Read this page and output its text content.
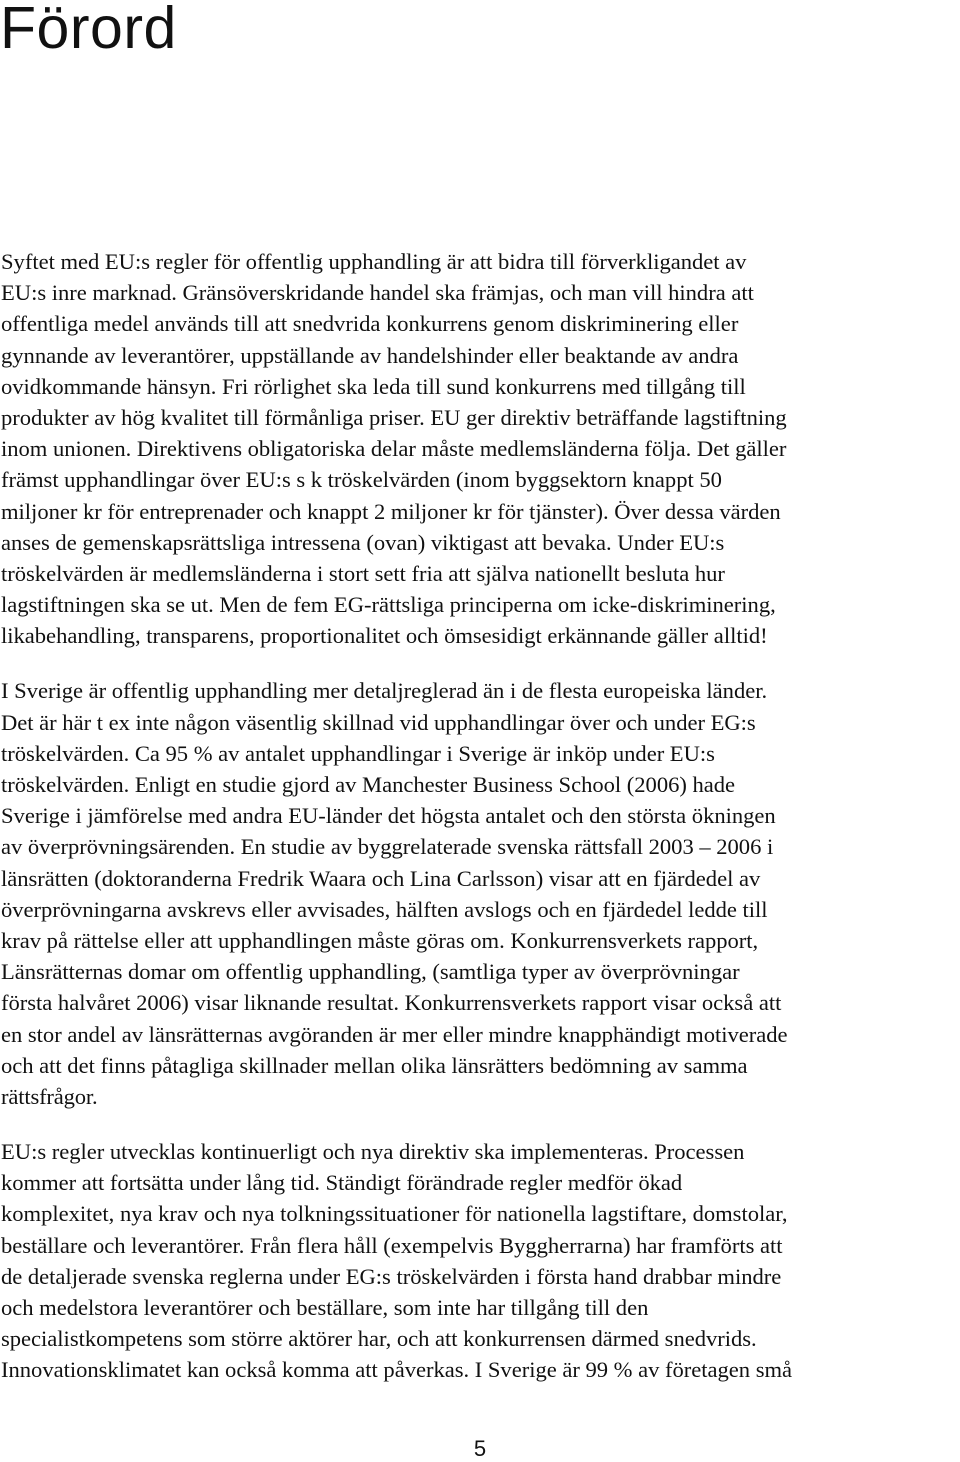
Förord
Syftet med EU:s regler för offentlig upphandling är att bidra till förverkligandet av
EU:s inre marknad. Gränsöverskridande handel ska främjas, och man vill hindra att
offentliga medel används till att snedvrida konkurrens genom diskriminering eller
gynnande av leverantörer, uppställande av handelshinder eller beaktande av andra
ovidkommande hänsyn. Fri rörlighet ska leda till sund konkurrens med tillgång till
produkter av hög kvalitet till förmånliga priser. EU ger direktiv beträffande lagstiftning
inom unionen. Direktivens obligatoriska delar måste medlemsländerna följa. Det gäller
främst upphandlingar över EU:s s k tröskelvärden (inom byggsektorn knappt 50
miljoner kr för entreprenader och knappt 2 miljoner kr för tjänster). Över dessa värden
anses de gemenskapsrättsliga intressena (ovan) viktigast att bevaka. Under EU:s
tröskelvärden är medlemsländerna i stort sett fria att själva nationellt besluta hur
lagstiftningen ska se ut. Men de fem EG-rättsliga principerna om icke-diskriminering,
likabehandling, transparens, proportionalitet och ömsesidigt erkännande gäller alltid!
I Sverige är offentlig upphandling mer detaljreglerad än i de flesta europeiska länder.
Det är här t ex inte någon väsentlig skillnad vid upphandlingar över och under EG:s
tröskelvärden. Ca 95 % av antalet upphandlingar i Sverige är inköp under EU:s
tröskelvärden. Enligt en studie gjord av Manchester Business School (2006) hade
Sverige i jämförelse med andra EU-länder det högsta antalet och den största ökningen
av överprövningsärenden. En studie av byggrelaterade svenska rättsfall 2003 – 2006 i
länsrätten (doktoranderna Fredrik Waara och Lina Carlsson) visar att en fjärdedel av
överprövningarna avskrevs eller avvisades, hälften avslogs och en fjärdedel ledde till
krav på rättelse eller att upphandlingen måste göras om. Konkurrensverkets rapport,
Länsrätternas domar om offentlig upphandling, (samtliga typer av överprövningar
första halvåret 2006) visar liknande resultat. Konkurrensverkets rapport visar också att
en stor andel av länsrätternas avgöranden är mer eller mindre knapphändigt motiverade
och att det finns påtagliga skillnader mellan olika länsrätters bedömning av samma
rättsfrågor.
EU:s regler utvecklas kontinuerligt och nya direktiv ska implementeras. Processen
kommer att fortsätta under lång tid. Ständigt förändrade regler medför ökad
komplexitet, nya krav och nya tolkningssituationer för nationella lagstiftare, domstolar,
beställare och leverantörer. Från flera håll (exempelvis Byggherrarna) har framförts att
de detaljerade svenska reglerna under EG:s tröskelvärden i första hand drabbar mindre
och medelstora leverantörer och beställare, som inte har tillgång till den
specialistkompetens som större aktörer har, och att konkurrensen därmed snedvrids.
Innovationsklimatet kan också komma att påverkas. I Sverige är 99 % av företagen små
5
